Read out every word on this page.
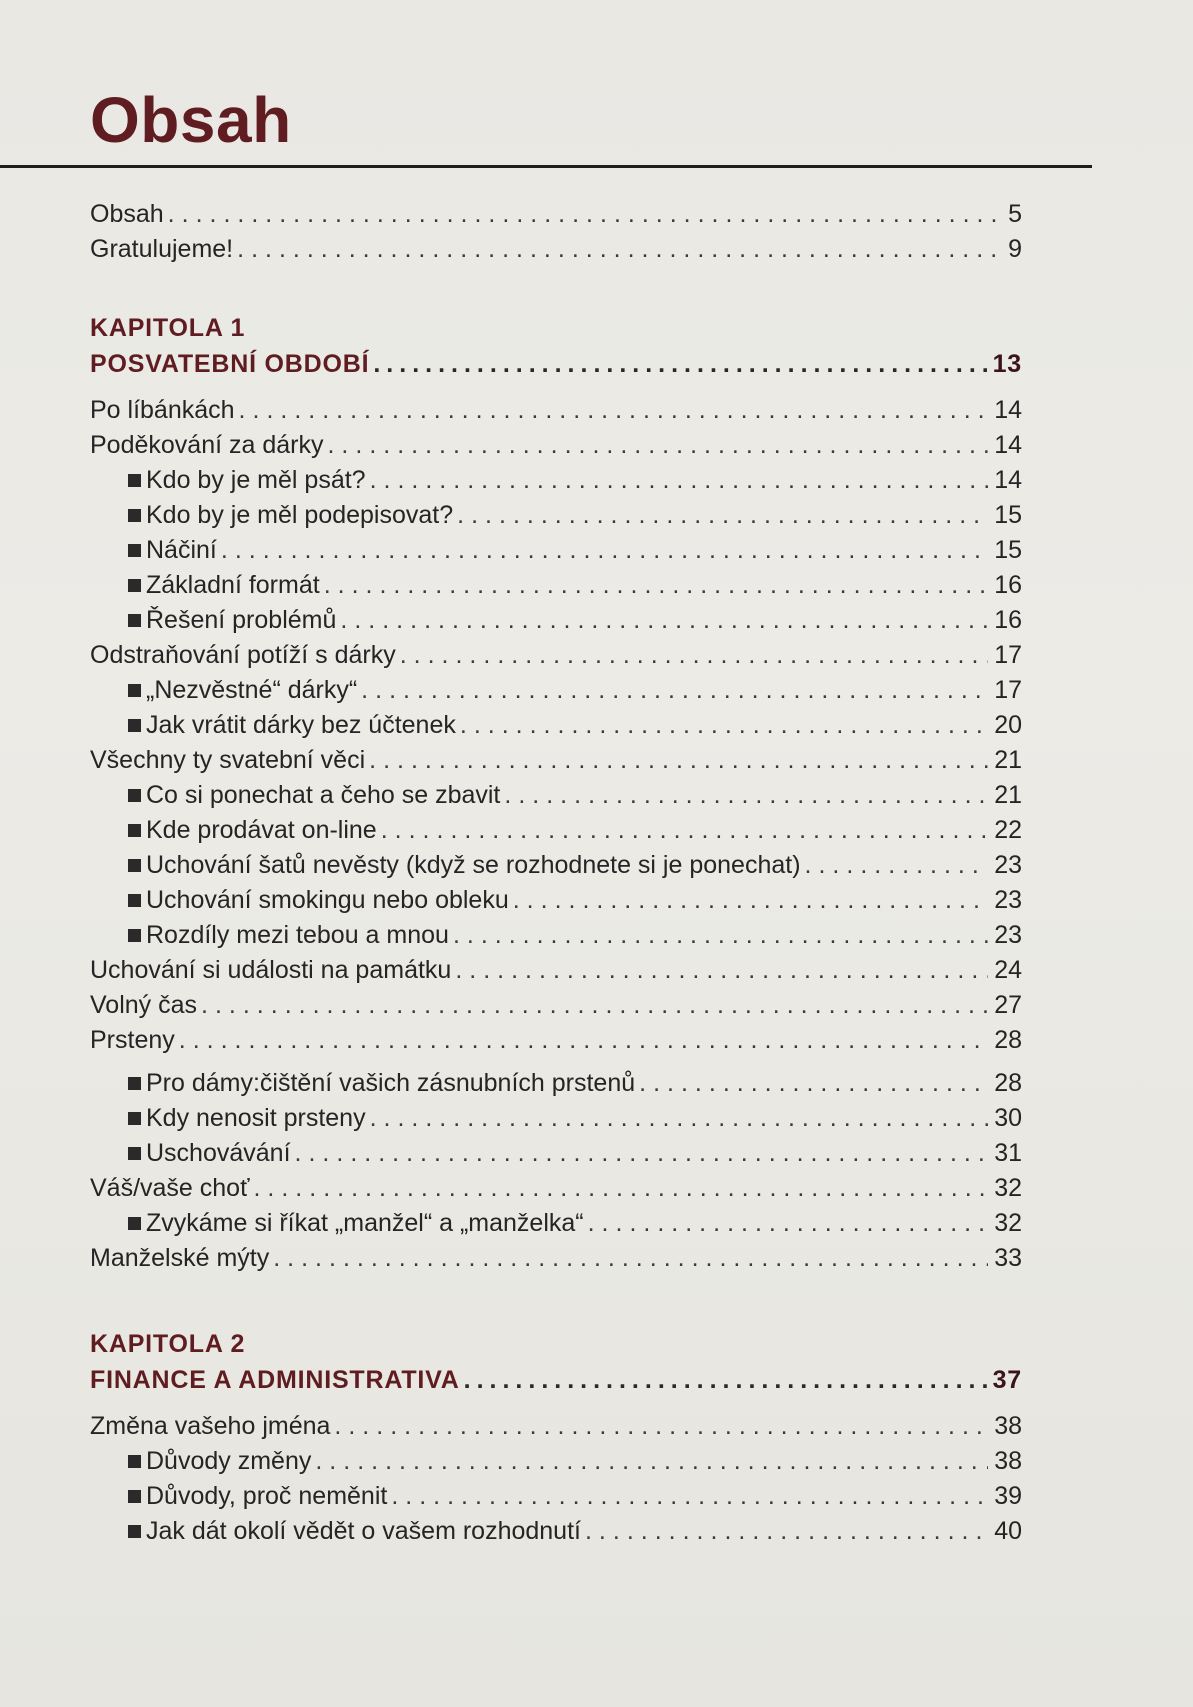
Obsah
Obsah .....	5
Gratulujeme! .....	9
KAPITOLA 1
POSVATEBNÍ OBDOBÍ .....	13
Po líbánkách .....	14
Poděkování za dárky .....	14
Kdo by je měl psát? .....	14
Kdo by je měl podepisovat? .....	15
Náčiní .....	15
Základní formát .....	16
Řešení problémů .....	16
Odstraňování potíží s dárky .....	17
„Nezvěstné“ dárky“ .....	17
Jak vrátit dárky bez účtenek .....	20
Všechny ty svatební věci .....	21
Co si ponechat a čeho se zbavit .....	21
Kde prodávat on-line .....	22
Uchování šatů nevěsty (když se rozhodnete si je ponechat) .....	23
Uchování smokingu nebo obleku .....	23
Rozdíly mezi tebou a mnou .....	23
Uchování si události na památku .....	24
Volný čas .....	27
Prsteny .....	28
Pro dámy:čištění vašich zásnubních prstenů .....	28
Kdy nenosit prsteny .....	30
Uschovávání .....	31
Váš/vaše choť .....	32
Zvykáme si říkat „manžel“ a „manželka“ .....	32
Manželské mýty .....	33
KAPITOLA 2
FINANCE A ADMINISTRATIVA .....	37
Změna vašeho jména .....	38
Důvody změny .....	38
Důvody, proč neměnit .....	39
Jak dát okolí vědět o vašem rozhodnutí .....	40
